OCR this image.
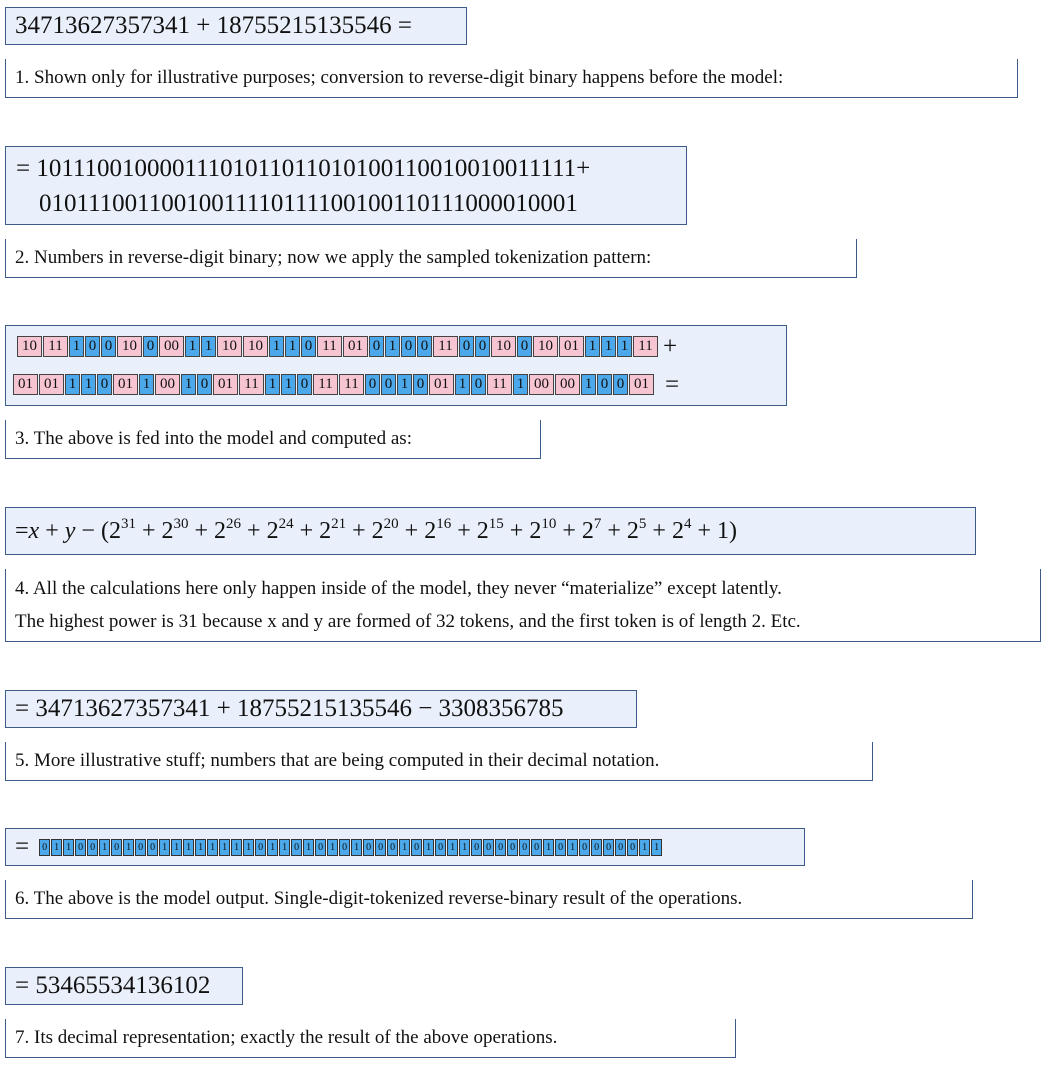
34713627357341 + 18755215135546 =
1. Shown only for illustrative purposes; conversion to reverse-digit binary happens before the model:
= 10111001000011101011011010100110010010011111+
01011100110010011110111100100110111000010001
2. Numbers in reverse-digit binary; now we apply the sampled tokenization pattern:
10 11 1 0 0 10 0 00 1 1 10 10 1 1 0 11 01 0 1 0 0 11 0 0 10 0 10 01 1 1 1 11 +
01 01 1 1 0 01 1 00 1 0 01 11 1 1 0 11 11 0 0 1 0 01 1 0 11 1 00 00 1 0 0 01 =
3. The above is fed into the model and computed as:
= x + y − ( $2^{31} + 2^{30} + 2^{26} + 2^{24} + 2^{21} + 2^{20} + 2^{16} + 2^{15} + 2^{10} + 2^7 + 2^5 + 2^4 + 1$)
4. All the calculations here only happen inside of the model, they never “materialize” except latently.
The highest power is 31 because x and y are formed of 32 tokens, and the first token is of length 2. Etc.
= 34713627357341 + 18755215135546 − 3308356785
5. More illustrative stuff; numbers that are being computed in their decimal notation.
=	0 1 1 0 0 1 0 1 0 0 1 1 1 1 1 1 1 1 0 1 1 0 1 0 1 0 1 0 0 0 1 0 1 0 1 1 0 0 0 0 0 0 1 0 1 0 0 0 0 0 1 1
6. The above is the model output. Single-digit-tokenized reverse-binary result of the operations.
= 53465534136102
7. Its decimal representation; exactly the result of the above operations.
